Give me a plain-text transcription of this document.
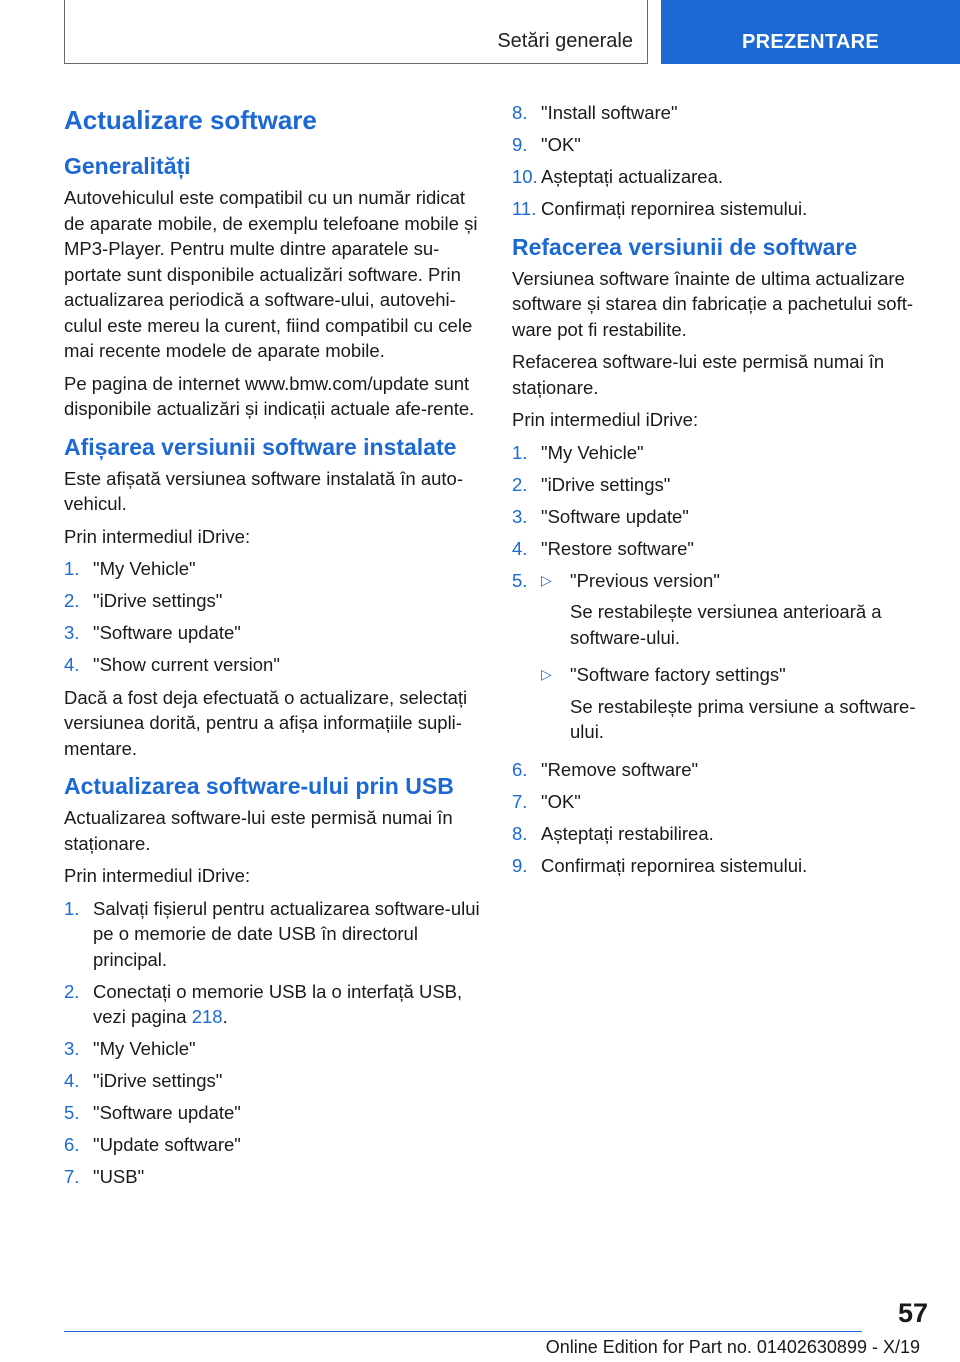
Setări generale	PREZENTARE
Actualizare software
Generalități

Autovehiculul este compatibil cu un număr ridicat de aparate mobile, de exemplu telefoane mobile și MP3-Player. Pentru multe dintre aparatele su-portate sunt disponibile actualizări software. Prin actualizarea periodică a software-ului, autovehi-culul este mereu la curent, fiind compatibil cu cele mai recente modele de aparate mobile.

Pe pagina de internet www.bmw.com/update sunt disponibile actualizări și indicații actuale afe-rente.

Afișarea versiunii software instalate

Este afișată versiunea software instalată în auto-vehicul.

Prin intermediul iDrive:

1. "My Vehicle"
2. "iDrive settings"
3. "Software update"
4. "Show current version"

Dacă a fost deja efectuată o actualizare, selectați versiunea dorită, pentru a afișa informațiile supli-mentare.

Actualizarea software-ului prin USB

Actualizarea software-lui este permisă numai în staționare.

Prin intermediul iDrive:

1. Salvați fișierul pentru actualizarea software-ului pe o memorie de date USB în directorul principal.
2. Conectați o memorie USB la o interfață USB, vezi pagina 218.
3. "My Vehicle"
4. "iDrive settings"
5. "Software update"
6. "Update software"
7. "USB"
8. "Install software"
9. "OK"
10. Așteptați actualizarea.
11. Confirmați repornirea sistemului.
Refacerea versiunii de software

Versiunea software înainte de ultima actualizare software și starea din fabricație a pachetului soft-ware pot fi restabilite.

Refacerea software-lui este permisă numai în staționare.

Prin intermediul iDrive:

1. "My Vehicle"
2. "iDrive settings"
3. "Software update"
4. "Restore software"
5. ▷ "Previous version"

Se restabilește versiunea anterioară a software-ului.

▷ "Software factory settings"

Se restabilește prima versiune a software-ului.

6. "Remove software"
7. "OK"
8. Așteptați restabilirea.
9. Confirmați repornirea sistemului.
57
Online Edition for Part no. 01402630899 - X/19
